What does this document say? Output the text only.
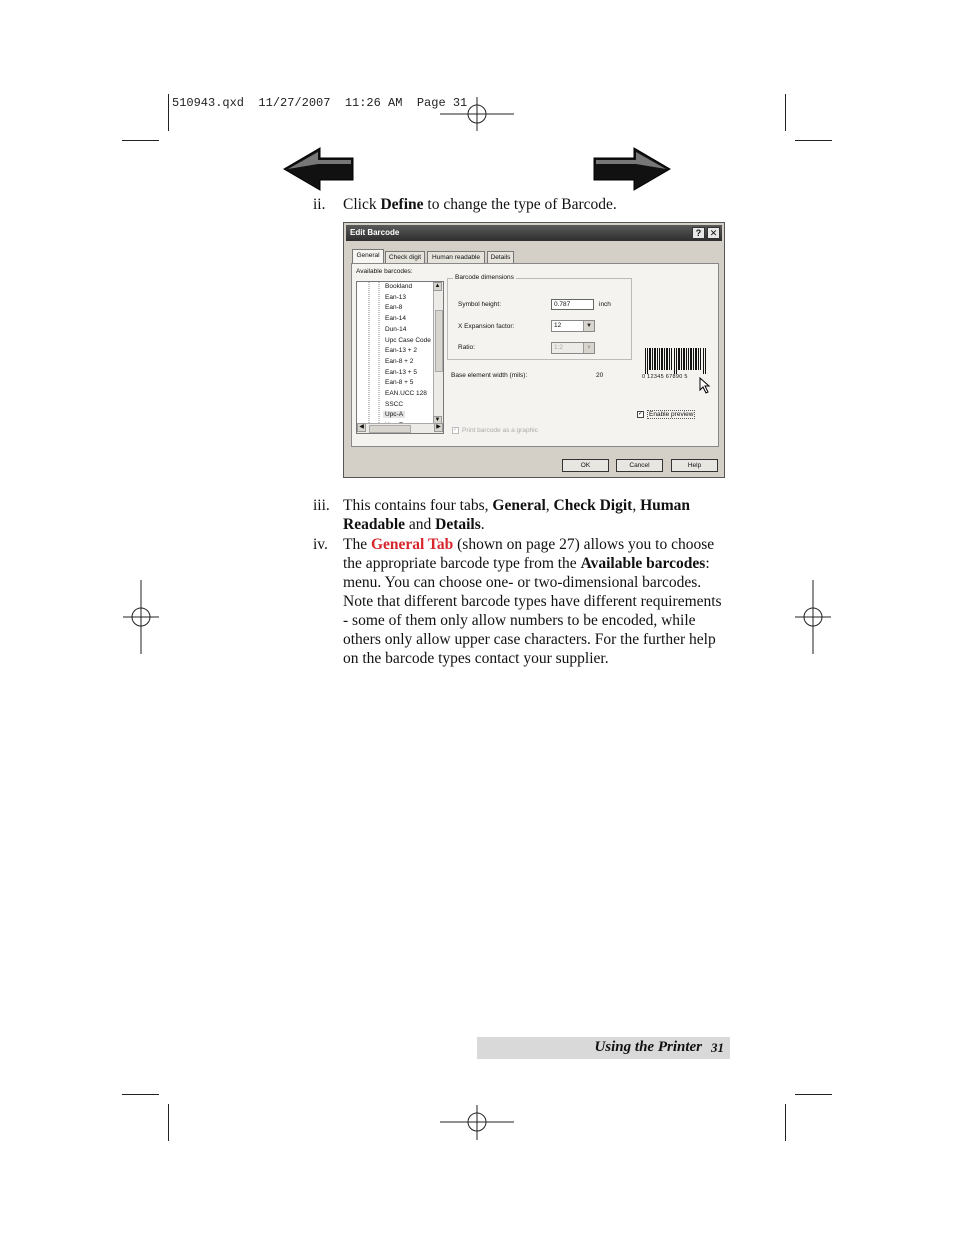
510943.qxd  11/27/2007  11:26 AM  Page 31
ii.	Click Define to change the type of Barcode.
Edit Barcode	? ✕
General	Check digit	Human readable	Details
Available barcodes:
Bookland
Ean-13
Ean-8
Ean-14
Dun-14
Upc Case Code
Ean-13 + 2
Ean-8 + 2
Ean-13 + 5
Ean-8 + 5
EAN.UCC 128
SSCC
Upc-A
▲
▼
◀	▶
Barcode dimensions
Symbol height:	0.787	inch
X Expansion factor:	12	▼
Ratio:	1:2	▼
Base element width (mils):	20	0 12345 67890 5
✓ Enable preview
✓ Print barcode as a graphic
OK	Cancel	Help
iii. This contains four tabs, General, Check Digit, Human Readable and Details.
iv. The General Tab (shown on page 27) allows you to choose the appropriate barcode type from the Available barcodes: menu. You can choose one- or two-dimensional barcodes. Note that different barcode types have different requirements - some of them only allow numbers to be encoded, while others only allow upper case characters. For the further help on the barcode types contact your supplier.
Using the Printer 31
